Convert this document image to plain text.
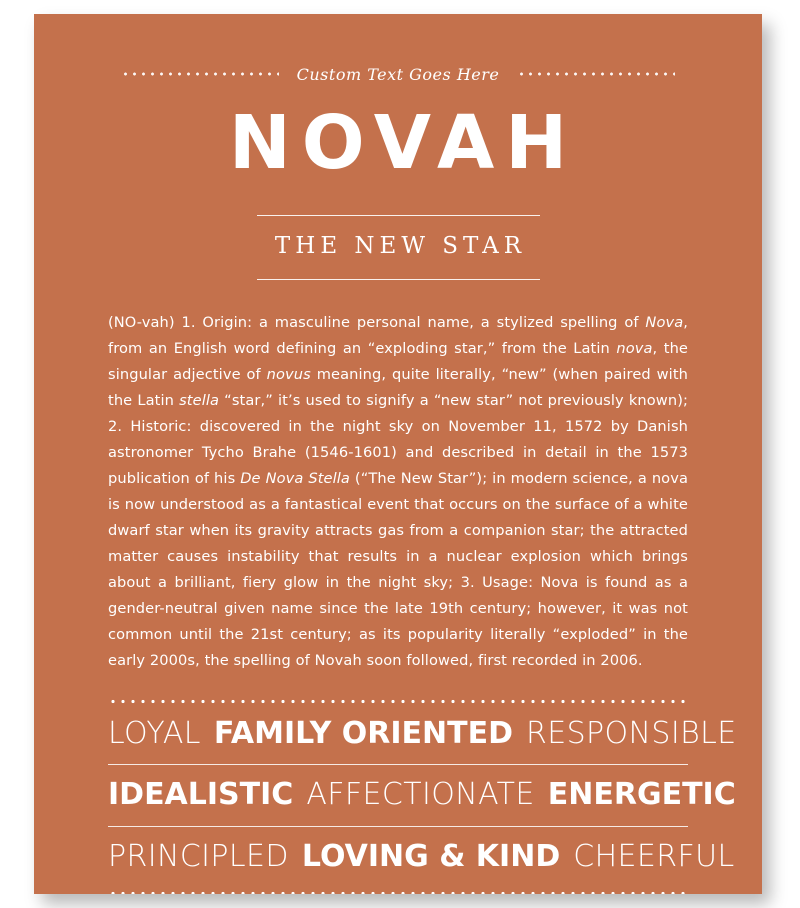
Custom Text Goes Here
NOVAH
THE NEW STAR
(NO-vah) 1. Origin: a masculine personal name, a stylized spelling of Nova, from an English word defining an “exploding star,” from the Latin nova, the singular adjective of novus meaning, quite literally, “new” (when paired with the Latin stella “star,” it’s used to signify a “new star” not previously known); 2. Historic: discovered in the night sky on November 11, 1572 by Danish astronomer Tycho Brahe (1546-1601) and described in detail in the 1573 publication of his De Nova Stella (“The New Star”); in modern science, a nova is now understood as a fantastical event that occurs on the surface of a white dwarf star when its gravity attracts gas from a companion star; the attracted matter causes instability that results in a nuclear explosion which brings about a brilliant, fiery glow in the night sky; 3. Usage: Nova is found as a gender-neutral given name since the late 19th century; however, it was not common until the 21st century; as its popularity literally “exploded” in the early 2000s, the spelling of Novah soon followed, first recorded in 2006.
LOYAL FAMILY ORIENTED RESPONSIBLE
IDEALISTIC AFFECTIONATE ENERGETIC
PRINCIPLED LOVING & KIND CHEERFUL
